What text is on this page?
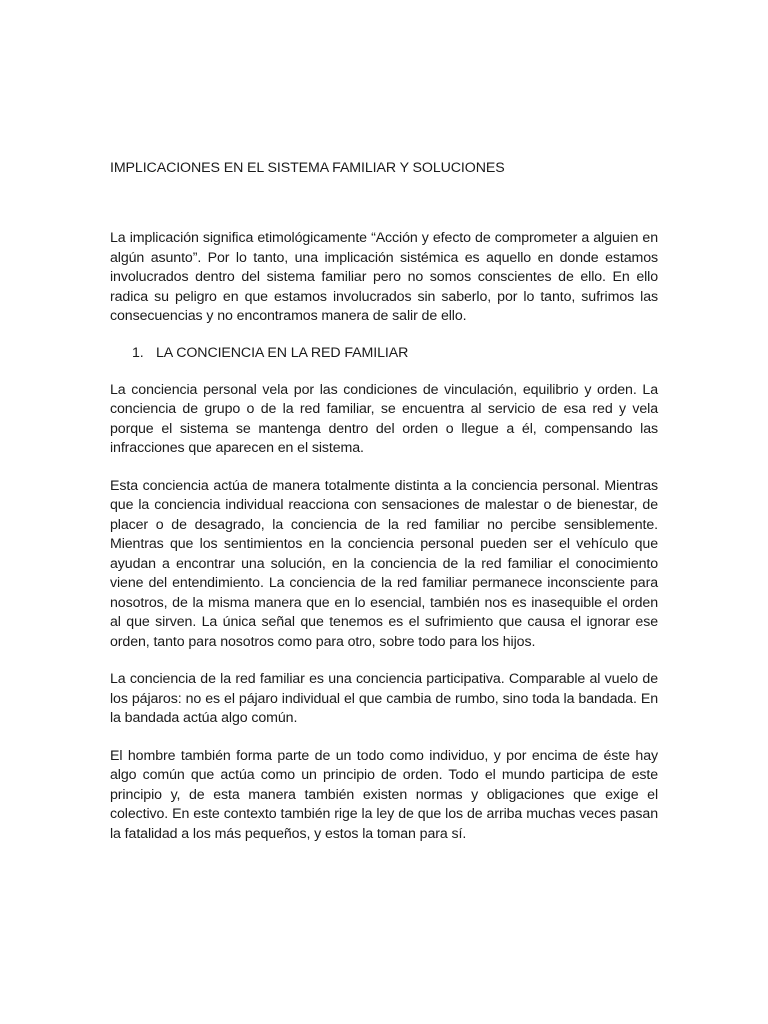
IMPLICACIONES EN EL SISTEMA FAMILIAR Y SOLUCIONES

La implicación significa etimológicamente “Acción y efecto de comprometer a alguien en algún asunto”. Por lo tanto, una implicación sistémica es aquello en donde estamos involucrados dentro del sistema familiar pero no somos conscientes de ello. En ello radica su peligro en que estamos involucrados sin saberlo, por lo tanto, sufrimos las consecuencias y no encontramos manera de salir de ello.

1. LA CONCIENCIA EN LA RED FAMILIAR

La conciencia personal vela por las condiciones de vinculación, equilibrio y orden. La conciencia de grupo o de la red familiar, se encuentra al servicio de esa red y vela porque el sistema se mantenga dentro del orden o llegue a él, compensando las infracciones que aparecen en el sistema.

Esta conciencia actúa de manera totalmente distinta a la conciencia personal. Mientras que la conciencia individual reacciona con sensaciones de malestar o de bienestar, de placer o de desagrado, la conciencia de la red familiar no percibe sensiblemente. Mientras que los sentimientos en la conciencia personal pueden ser el vehículo que ayudan a encontrar una solución, en la conciencia de la red familiar el conocimiento viene del entendimiento. La conciencia de la red familiar permanece inconsciente para nosotros, de la misma manera que en lo esencial, también nos es inasequible el orden al que sirven. La única señal que tenemos es el sufrimiento que causa el ignorar ese orden, tanto para nosotros como para otro, sobre todo para los hijos.

La conciencia de la red familiar es una conciencia participativa. Comparable al vuelo de los pájaros: no es el pájaro individual el que cambia de rumbo, sino toda la bandada. En la bandada actúa algo común.

El hombre también forma parte de un todo como individuo, y por encima de éste hay algo común que actúa como un principio de orden. Todo el mundo participa de este principio y, de esta manera también existen normas y obligaciones que exige el colectivo. En este contexto también rige la ley de que los de arriba muchas veces pasan la fatalidad a los más pequeños, y estos la toman para sí.
